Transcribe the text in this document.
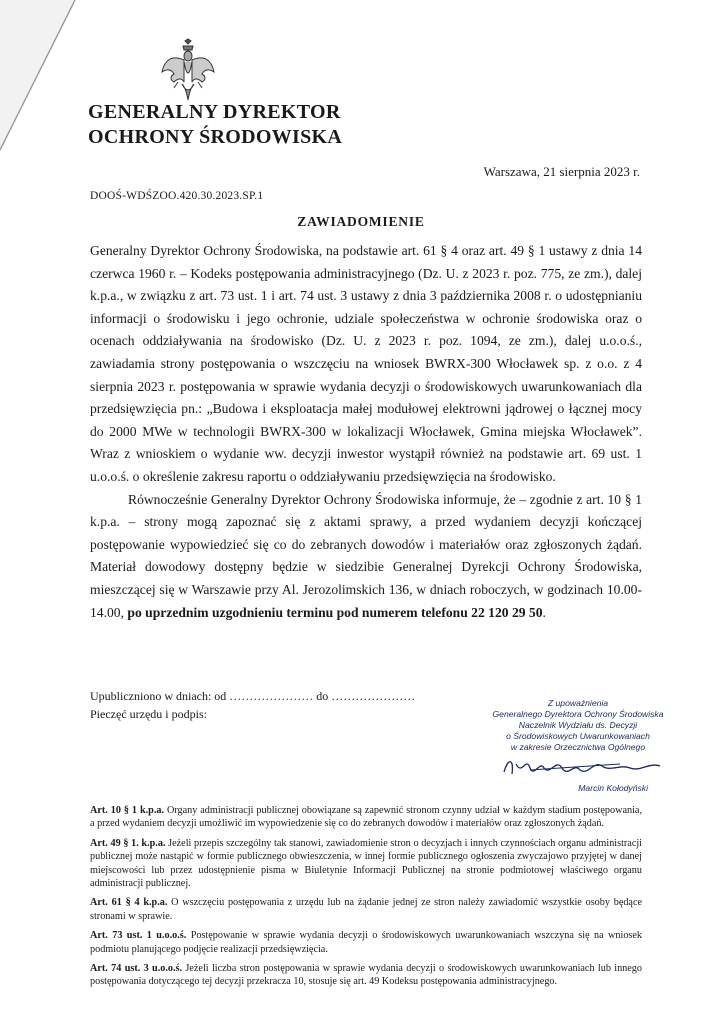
GENERALNY DYREKTOR
OCHRONY ŚRODOWISKA
Warszawa, 21 sierpnia 2023 r.
DOOŚ-WDŚZOO.420.30.2023.SP.1
ZAWIADOMIENIE

Generalny Dyrektor Ochrony Środowiska, na podstawie art. 61 § 4 oraz art. 49 § 1 ustawy z dnia 14 czerwca 1960 r. – Kodeks postępowania administracyjnego (Dz. U. z 2023 r. poz. 775, ze zm.), dalej k.p.a., w związku z art. 73 ust. 1 i art. 74 ust. 3 ustawy z dnia 3 października 2008 r. o udostępnianiu informacji o środowisku i jego ochronie, udziale społeczeństwa w ochronie środowiska oraz o ocenach oddziaływania na środowisko (Dz. U. z 2023 r. poz. 1094, ze zm.), dalej u.o.o.ś., zawiadamia strony postępowania o wszczęciu na wniosek BWRX-300 Włocławek sp. z o.o. z 4 sierpnia 2023 r. postępowania w sprawie wydania decyzji o środowiskowych uwarunkowaniach dla przedsięwzięcia pn.: „Budowa i eksploatacja małej modułowej elektrowni jądrowej o łącznej mocy do 2000 MWe w technologii BWRX-300 w lokalizacji Włocławek, Gmina miejska Włocławek”. Wraz z wnioskiem o wydanie ww. decyzji inwestor wystąpił również na podstawie art. 69 ust. 1 u.o.o.ś. o określenie zakresu raportu o oddziaływaniu przedsięwzięcia na środowisko.

Równocześnie Generalny Dyrektor Ochrony Środowiska informuje, że – zgodnie z art. 10 § 1 k.p.a. – strony mogą zapoznać się z aktami sprawy, a przed wydaniem decyzji kończącej postępowanie wypowiedzieć się co do zebranych dowodów i materiałów oraz zgłoszonych żądań. Materiał dowodowy dostępny będzie w siedzibie Generalnej Dyrekcji Ochrony Środowiska, mieszczącej się w Warszawie przy Al. Jerozolimskich 136, w dniach roboczych, w godzinach 10.00-14.00, po uprzednim uzgodnieniu terminu pod numerem telefonu 22 120 29 50.

Upubliczniono w dniach: od ………………… do …………………
Pieczęć urzędu i podpis:
Z upoważnienia
Generalnego Dyrektora Ochrony Środowiska
Naczelnik Wydziału ds. Decyzji
o Środowiskowych Uwarunkowaniach
w zakresie Orzecznictwa Ogólnego
Marcin Kołodyński

Art. 10 § 1 k.p.a. Organy administracji publicznej obowiązane są zapewnić stronom czynny udział w każdym stadium postępowania, a przed wydaniem decyzji umożliwić im wypowiedzenie się co do zebranych dowodów i materiałów oraz zgłoszonych żądań.

Art. 49 § 1. k.p.a. Jeżeli przepis szczególny tak stanowi, zawiadomienie stron o decyzjach i innych czynnościach organu administracji publicznej może nastąpić w formie publicznego obwieszczenia, w innej formie publicznego ogłoszenia zwyczajowo przyjętej w danej miejscowości lub przez udostępnienie pisma w Biuletynie Informacji Publicznej na stronie podmiotowej właściwego organu administracji publicznej.

Art. 61 § 4 k.p.a. O wszczęciu postępowania z urzędu lub na żądanie jednej ze stron należy zawiadomić wszystkie osoby będące stronami w sprawie.

Art. 73 ust. 1 u.o.o.ś. Postępowanie w sprawie wydania decyzji o środowiskowych uwarunkowaniach wszczyna się na wniosek podmiotu planującego podjęcie realizacji przedsięwzięcia.

Art. 74 ust. 3 u.o.o.ś. Jeżeli liczba stron postępowania w sprawie wydania decyzji o środowiskowych uwarunkowaniach lub innego postępowania dotyczącego tej decyzji przekracza 10, stosuje się art. 49 Kodeksu postępowania administracyjnego.
